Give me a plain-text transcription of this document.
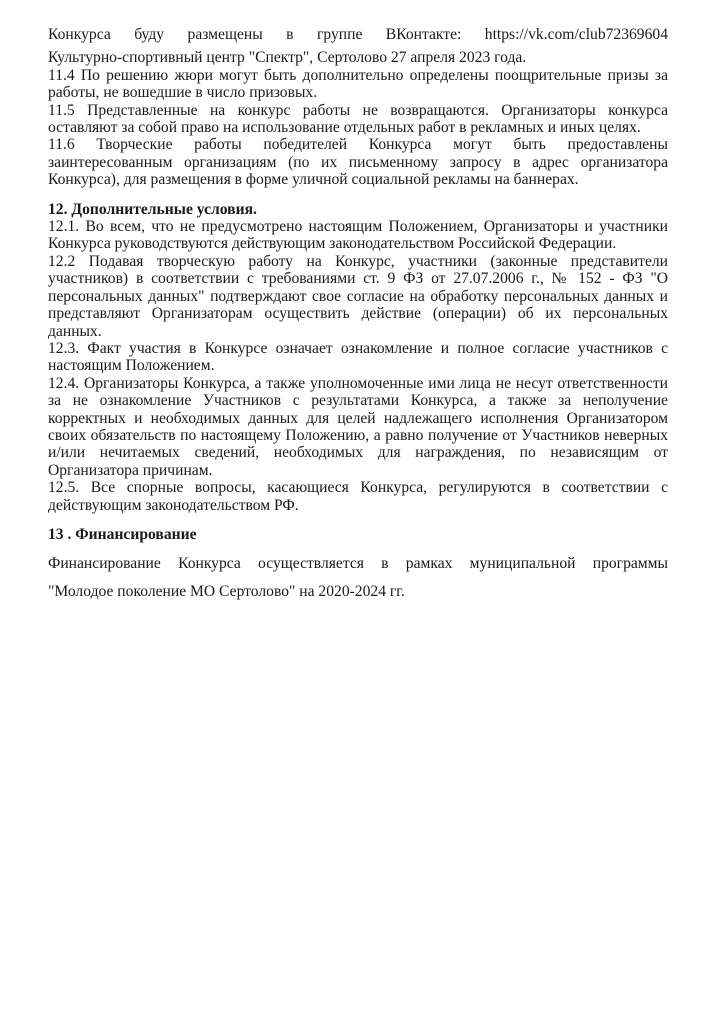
Конкурса буду размещены в группе ВКонтакте: https://vk.com/club72369604

Культурно-спортивный центр "Спектр", Сертолово 27 апреля 2023 года.

11.4 По решению жюри могут быть дополнительно определены поощрительные призы за работы, не вошедшие в число призовых.

11.5 Представленные на конкурс работы не возвращаются. Организаторы конкурса оставляют за собой право на использование отдельных работ в рекламных и иных целях.

11.6 Творческие работы победителей Конкурса могут быть предоставлены заинтересованным организациям (по их письменному запросу в адрес организатора Конкурса), для размещения в форме уличной социальной рекламы на баннерах.

12. Дополнительные условия.

12.1. Во всем, что не предусмотрено настоящим Положением, Организаторы и участники Конкурса руководствуются действующим законодательством Российской Федерации.

12.2 Подавая творческую работу на Конкурс, участники (законные представители участников) в соответствии с требованиями ст. 9 ФЗ от 27.07.2006 г., № 152 - ФЗ "О персональных данных" подтверждают свое согласие на обработку персональных данных и представляют Организаторам осуществить действие (операции) об их персональных данных.

12.3. Факт участия в Конкурсе означает ознакомление и полное согласие участников с настоящим Положением.

12.4. Организаторы Конкурса, а также уполномоченные ими лица не несут ответственности за не ознакомление Участников с результатами Конкурса, а также за неполучение корректных и необходимых данных для целей надлежащего исполнения Организатором своих обязательств по настоящему Положению, а равно получение от Участников неверных и/или нечитаемых сведений, необходимых для награждения, по независящим от Организатора причинам.

12.5. Все спорные вопросы, касающиеся Конкурса, регулируются в соответствии с действующим законодательством РФ.

13 . Финансирование

Финансирование Конкурса осуществляется в рамках муниципальной программы

"Молодое поколение МО Сертолово" на 2020-2024 гг.
